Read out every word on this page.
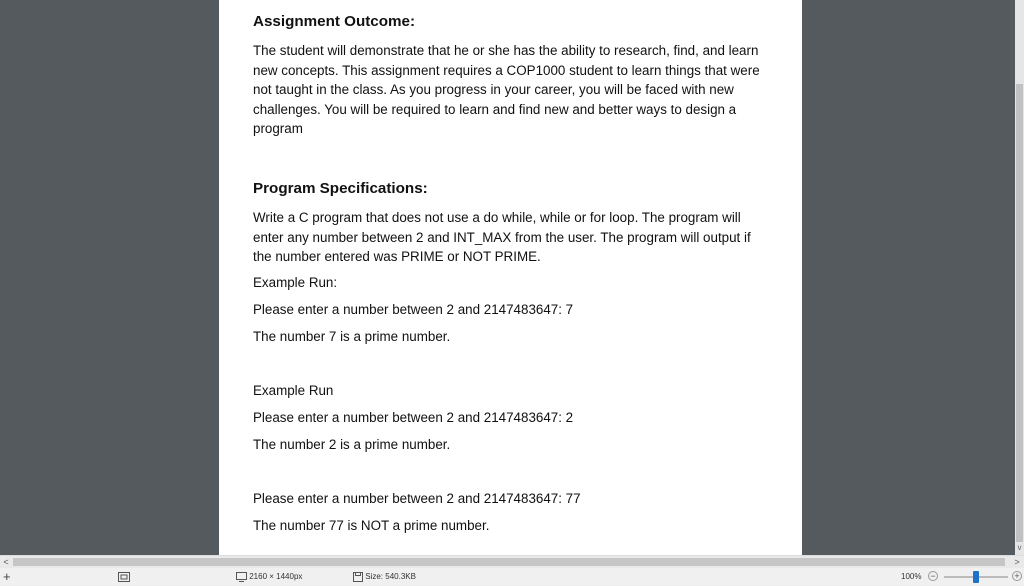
Assignment Outcome:
The student will demonstrate that he or she has the ability to research, find, and learn new concepts. This assignment requires a COP1000 student to learn things that were not taught in the class. As you progress in your career, you will be faced with new challenges. You will be required to learn and find new and better ways to design a program
Program Specifications:
Write a C program that does not use a do while, while or for loop. The program will enter any number between 2 and INT_MAX from the user. The program will output if the number entered was PRIME or NOT PRIME.
Example Run:
Please enter a number between 2 and 2147483647: 7
The number 7 is a prime number.
Example Run
Please enter a number between 2 and 2147483647: 2
The number 2 is a prime number.
Please enter a number between 2 and 2147483647: 77
The number 77 is NOT a prime number.
v
<	>
+	2160 × 1440px	Size: 540.3KB	100% −	+
